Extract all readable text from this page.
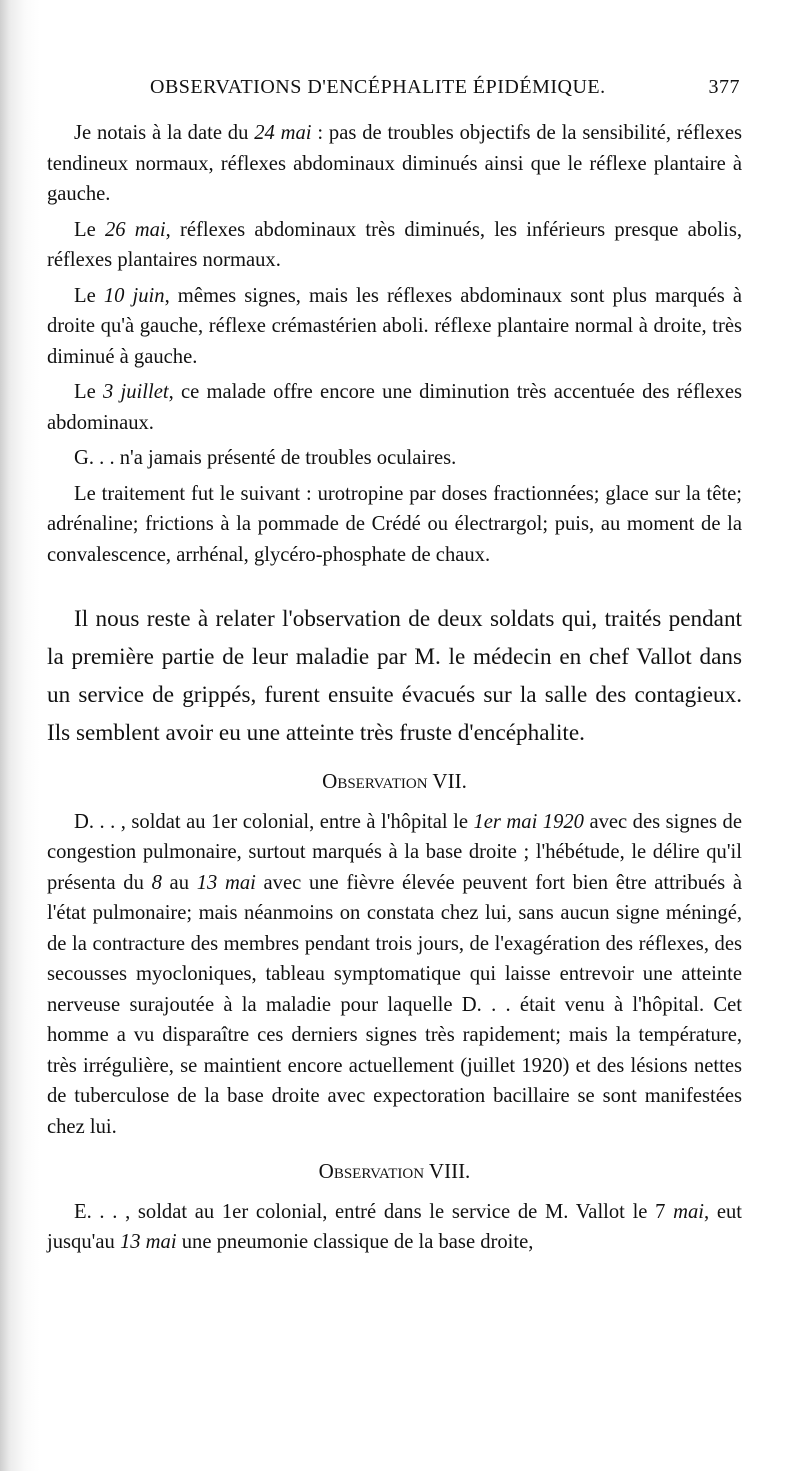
OBSERVATIONS D'ENCÉPHALITE ÉPIDÉMIQUE.	377

Je notais à la date du 24 mai : pas de troubles objectifs de la sensibilité, réflexes tendineux normaux, réflexes abdominaux diminués ainsi que le réflexe plantaire à gauche.

Le 26 mai, réflexes abdominaux très diminués, les inférieurs presque abolis, réflexes plantaires normaux.

Le 10 juin, mêmes signes, mais les réflexes abdominaux sont plus marqués à droite qu'à gauche, réflexe crémastérien aboli. réflexe plantaire normal à droite, très diminué à gauche.

Le 3 juillet, ce malade offre encore une diminution très accentuée des réflexes abdominaux.

G. . . n'a jamais présenté de troubles oculaires.

Le traitement fut le suivant : urotropine par doses fractionnées; glace sur la tête; adrénaline; frictions à la pommade de Crédé ou électrargol; puis, au moment de la convalescence, arrhénal, glycéro-phosphate de chaux.

Il nous reste à relater l'observation de deux soldats qui, traités pendant la première partie de leur maladie par M. le médecin en chef Vallot dans un service de grippés, furent ensuite évacués sur la salle des contagieux. Ils semblent avoir eu une atteinte très fruste d'encéphalite.

Observation VII.

D. . . , soldat au 1er colonial, entre à l'hôpital le 1er mai 1920 avec des signes de congestion pulmonaire, surtout marqués à la base droite ; l'hébétude, le délire qu'il présenta du 8 au 13 mai avec une fièvre élevée peuvent fort bien être attribués à l'état pulmonaire; mais néanmoins on constata chez lui, sans aucun signe méningé, de la contracture des membres pendant trois jours, de l'exagération des réflexes, des secousses myocloniques, tableau symptomatique qui laisse entrevoir une atteinte nerveuse surajoutée à la maladie pour laquelle D. . . était venu à l'hôpital. Cet homme a vu disparaître ces derniers signes très rapidement; mais la température, très irrégulière, se maintient encore actuellement (juillet 1920) et des lésions nettes de tuberculose de la base droite avec expectoration bacillaire se sont manifestées chez lui.

Observation VIII.

E. . . , soldat au 1er colonial, entré dans le service de M. Vallot le 7 mai, eut jusqu'au 13 mai une pneumonie classique de la base droite,
